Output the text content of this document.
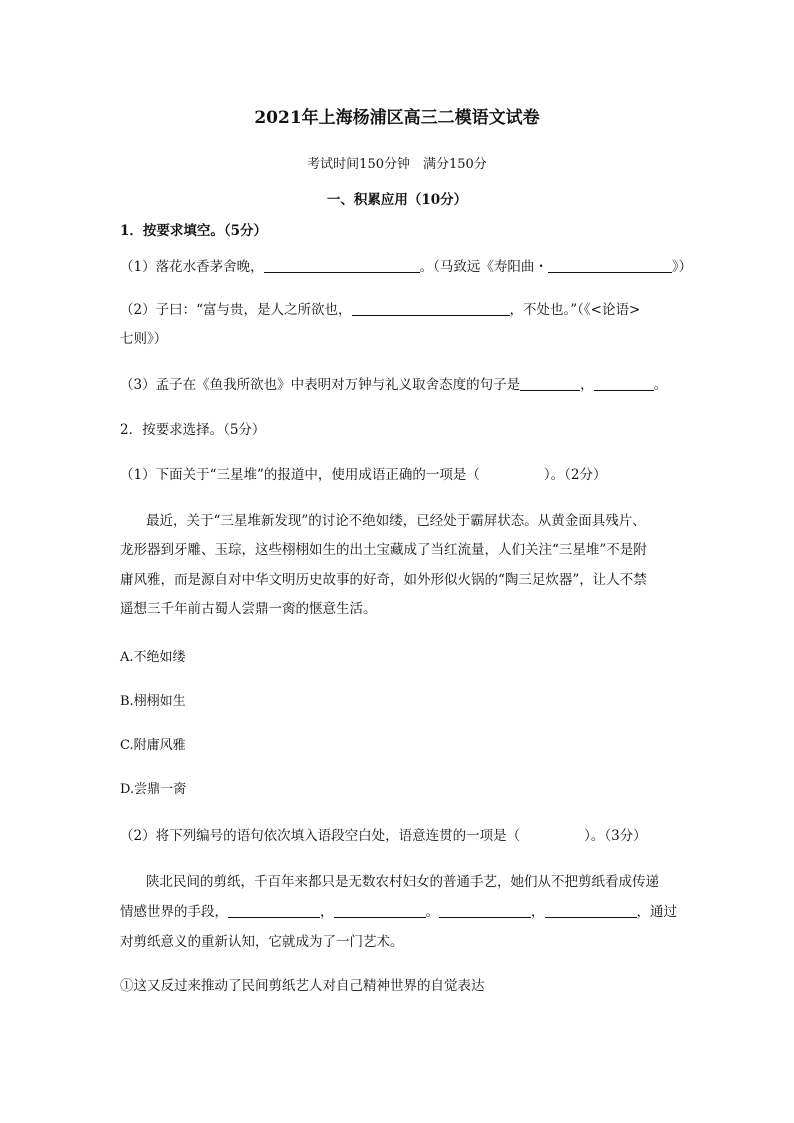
2021年上海杨浦区高三二模语文试卷
考试时间150分钟　满分150分
一、积累应用（10分）
1．按要求填空。（5分）
（1）落花水香茅舍晚，	。（马致远《寿阳曲・	》）
（2）子曰：“富与贵，是人之所欲也，	，不处也。”（《<论语>
七则》）
（3）孟子在《鱼我所欲也》中表明对万钟与礼义取舍态度的句子是	，	。
2．按要求选择。（5分）
（1）下面关于“三星堆”的报道中，使用成语正确的一项是（	）。（2分）
最近，关于“三星堆新发现”的讨论不绝如缕，已经处于霸屏状态。从黄金面具残片、
龙形器到牙雕、玉琮，这些栩栩如生的出土宝藏成了当红流量，人们关注“三星堆”不是附
庸风雅，而是源自对中华文明历史故事的好奇，如外形似火锅的“陶三足炊器”，让人不禁
遥想三千年前古蜀人尝鼎一脔的惬意生活。
A.不绝如缕
B.栩栩如生
C.附庸风雅
D.尝鼎一脔
（2）将下列编号的语句依次填入语段空白处，语意连贯的一项是（	）。（3分）
陕北民间的剪纸，千百年来都只是无数农村妇女的普通手艺，她们从不把剪纸看成传递
情感世界的手段，	，	。	，	，通过
对剪纸意义的重新认知，它就成为了一门艺术。
①这又反过来推动了民间剪纸艺人对自己精神世界的自觉表达
